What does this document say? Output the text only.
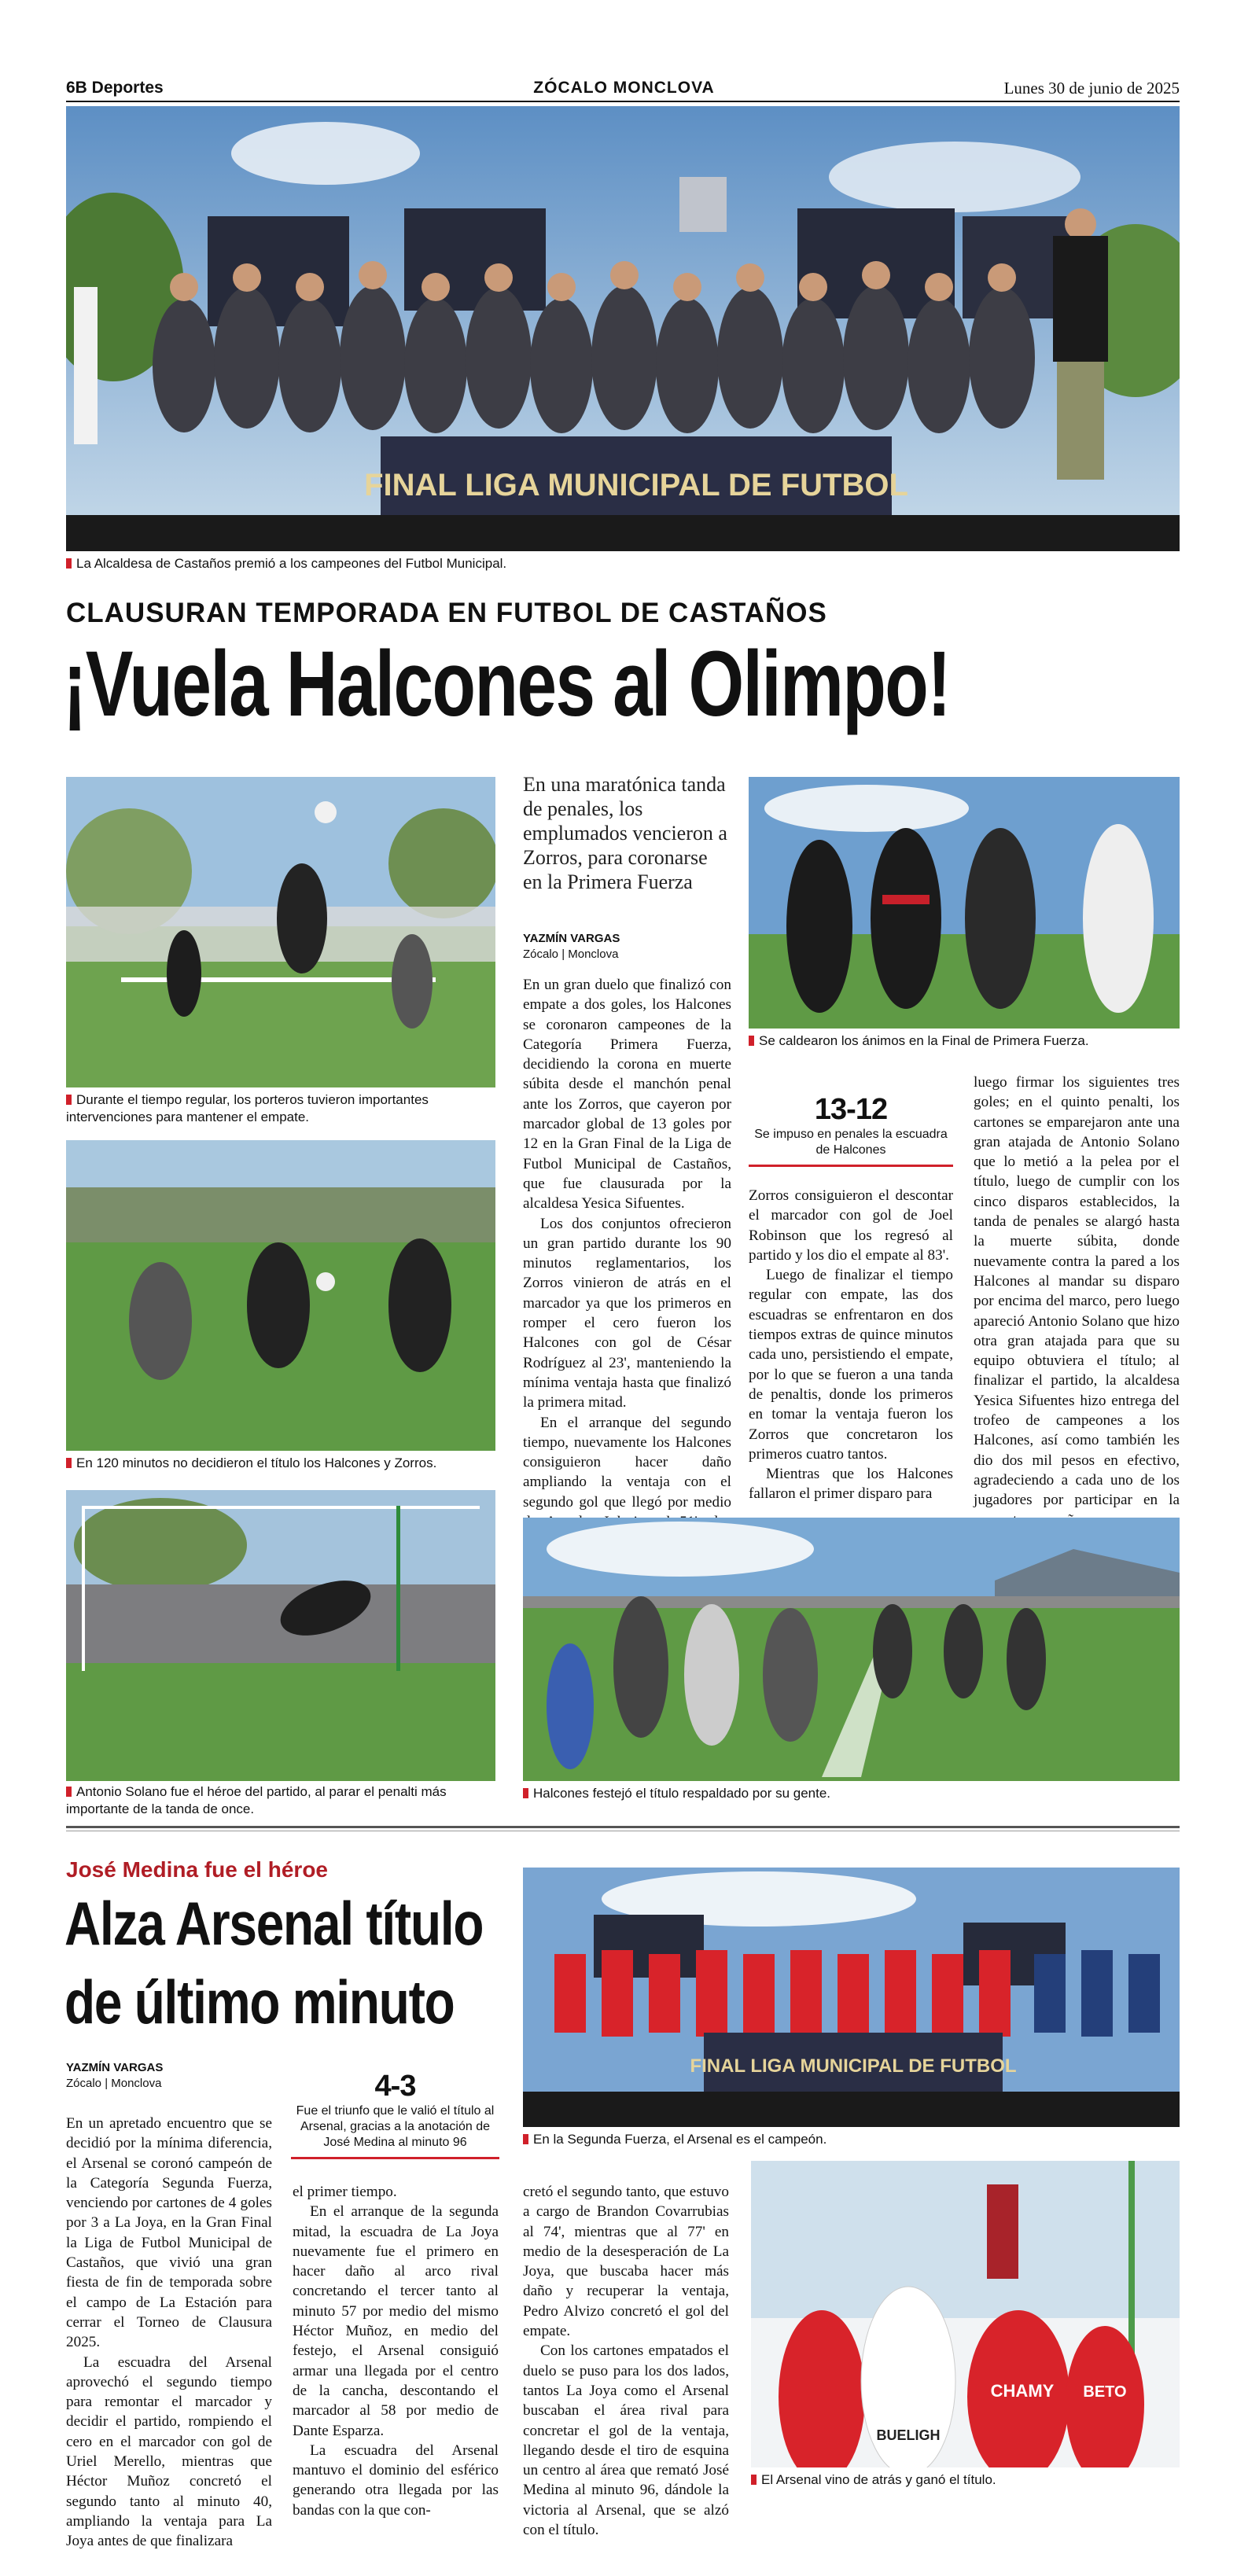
6B Deportes	ZÓCALO MONCLOVA	Lunes 30 de junio de 2025
FINAL LIGA MUNICIPAL DE FUTBOL
La Alcaldesa de Castaños premió a los campeones del Futbol Municipal.
CLAUSURAN TEMPORADA EN FUTBOL DE CASTAÑOS
¡Vuela Halcones al Olimpo!
Durante el tiempo regular, los porteros tuvieron importantes intervenciones para mantener el empate.
En 120 minutos no decidieron el título los Halcones y Zorros.
Antonio Solano fue el héroe del partido, al parar el penalti más importante de la tanda de once.
En una maratónica tanda de penales, los emplumados vencieron a Zorros, para coronarse en la Primera Fuerza
YAZMÍN VARGAS
Zócalo | Monclova

En un gran duelo que finalizó con empate a dos goles, los Halcones se coronaron campeones de la Categoría Primera Fuerza, decidiendo la corona en muerte súbita desde el manchón penal ante los Zorros, que cayeron por marcador global de 13 goles por 12 en la Gran Final de la Liga de Futbol Municipal de Castaños, que fue clausurada por la alcaldesa Yesica Sifuentes.

Los dos conjuntos ofrecieron un gran partido durante los 90 minutos reglamentarios, los Zorros vinieron de atrás en el marcador ya que los primeros en romper el cero fueron los Halcones con gol de César Rodríguez al 23', manteniendo la mínima ventaja hasta que finalizó la primera mitad.

En el arranque del segundo tiempo, nuevamente los Halcones consiguieron hacer daño ampliando la ventaja con el segundo gol que llegó por medio

Se caldearon los ánimos en la Final de Primera Fuerza.
13-12
Se impuso en penales la escuadra de Halcones

Zorros consiguieron el descontar el marcador con gol de Joel Robinson que los regresó al partido y los dio el empate al 83'.

Luego de finalizar el tiempo regular con empate, las dos escuadras se enfrentaron en dos tiempos extras de quince minutos cada uno, persistiendo el empate, por lo que se fueron a una tanda de penaltis, donde los primeros en tomar la ventaja fueron los Zorros que concretaron los primeros cuatro tantos.

Mientras que los Halcones fallaron el primer disparo para

luego firmar los siguientes tres goles; en el quinto penalti, los cartones se emparejaron ante una gran atajada de Antonio Solano que lo metió a la pelea por el título, luego de cumplir con los cinco disparos establecidos, la tanda de penales se alargó hasta la muerte súbita, donde nuevamente contra la pared a los Halcones al mandar su disparo por encima del marco, pero luego apareció Antonio Solano que hizo otra gran atajada para que su equipo obtuviera el título; al finalizar el partido, la alcaldesa Yesica Sifuentes hizo entrega del trofeo de campeones a los Halcones, así como también les dio dos mil pesos en efectivo, agradeciendo a cada uno de los jugadores por participar en la

Halcones festejó el título respaldado por su gente.
José Medina fue el héroe
Alza Arsenal título
de último minuto
YAZMÍN VARGAS
Zócalo | Monclova	4-3
Fue el triunfo que le valió el título al Arsenal, gracias a la anotación de José Medina al minuto 96

En un apretado encuentro que se decidió por la mínima diferencia, el Arsenal se coronó campeón de la Categoría Segunda Fuerza, venciendo por cartones de 4 goles por 3 a La Joya, en la Gran Final la Liga de Futbol Municipal de Castaños, que vivió una gran fiesta de fin de temporada sobre el campo de La Estación para cerrar el Torneo de Clausura 2025.

La escuadra del Arsenal aprovechó el segundo tiempo para remontar el marcador y decidir el partido, rompiendo el cero en el marcador con gol de Uriel Merello, mientras que Héctor Muñoz concretó el segundo tanto al minuto 40, ampliando la ventaja para La Joya antes de que finalizara

el primer tiempo.

En el arranque de la segunda mitad, la escuadra de La Joya nuevamente fue el primero en hacer daño al arco rival concretando el tercer tanto al minuto 57 por medio del mismo Héctor Muñoz, en medio del festejo, el Arsenal consiguió armar una llegada por el centro de la cancha, descontando el marcador al 58 por medio de Dante Esparza.

La escuadra del Arsenal mantuvo el dominio del esférico generando otra llegada por las bandas con la que con-

cretó el segundo tanto, que estuvo a cargo de Brandon Covarrubias al 74', mientras que al 77' en medio de la desesperación de La Joya, que buscaba hacer más daño y recuperar la ventaja, Pedro Alvizo concretó el gol del empate.

Con los cartones empatados el duelo se puso para los dos lados, tantos La Joya como el Arsenal buscaban el área rival para concretar el gol de la ventaja, llegando desde el tiro de esquina un centro al área que remató José Medina al minuto 96, dándole la victoria al Arsenal, que se alzó con el título.

FINAL LIGA MUNICIPAL DE FUTBOL
En la Segunda Fuerza, el Arsenal es el campeón.
CHAMY BETO
BUELIGH
El Arsenal vino de atrás y ganó el título.
